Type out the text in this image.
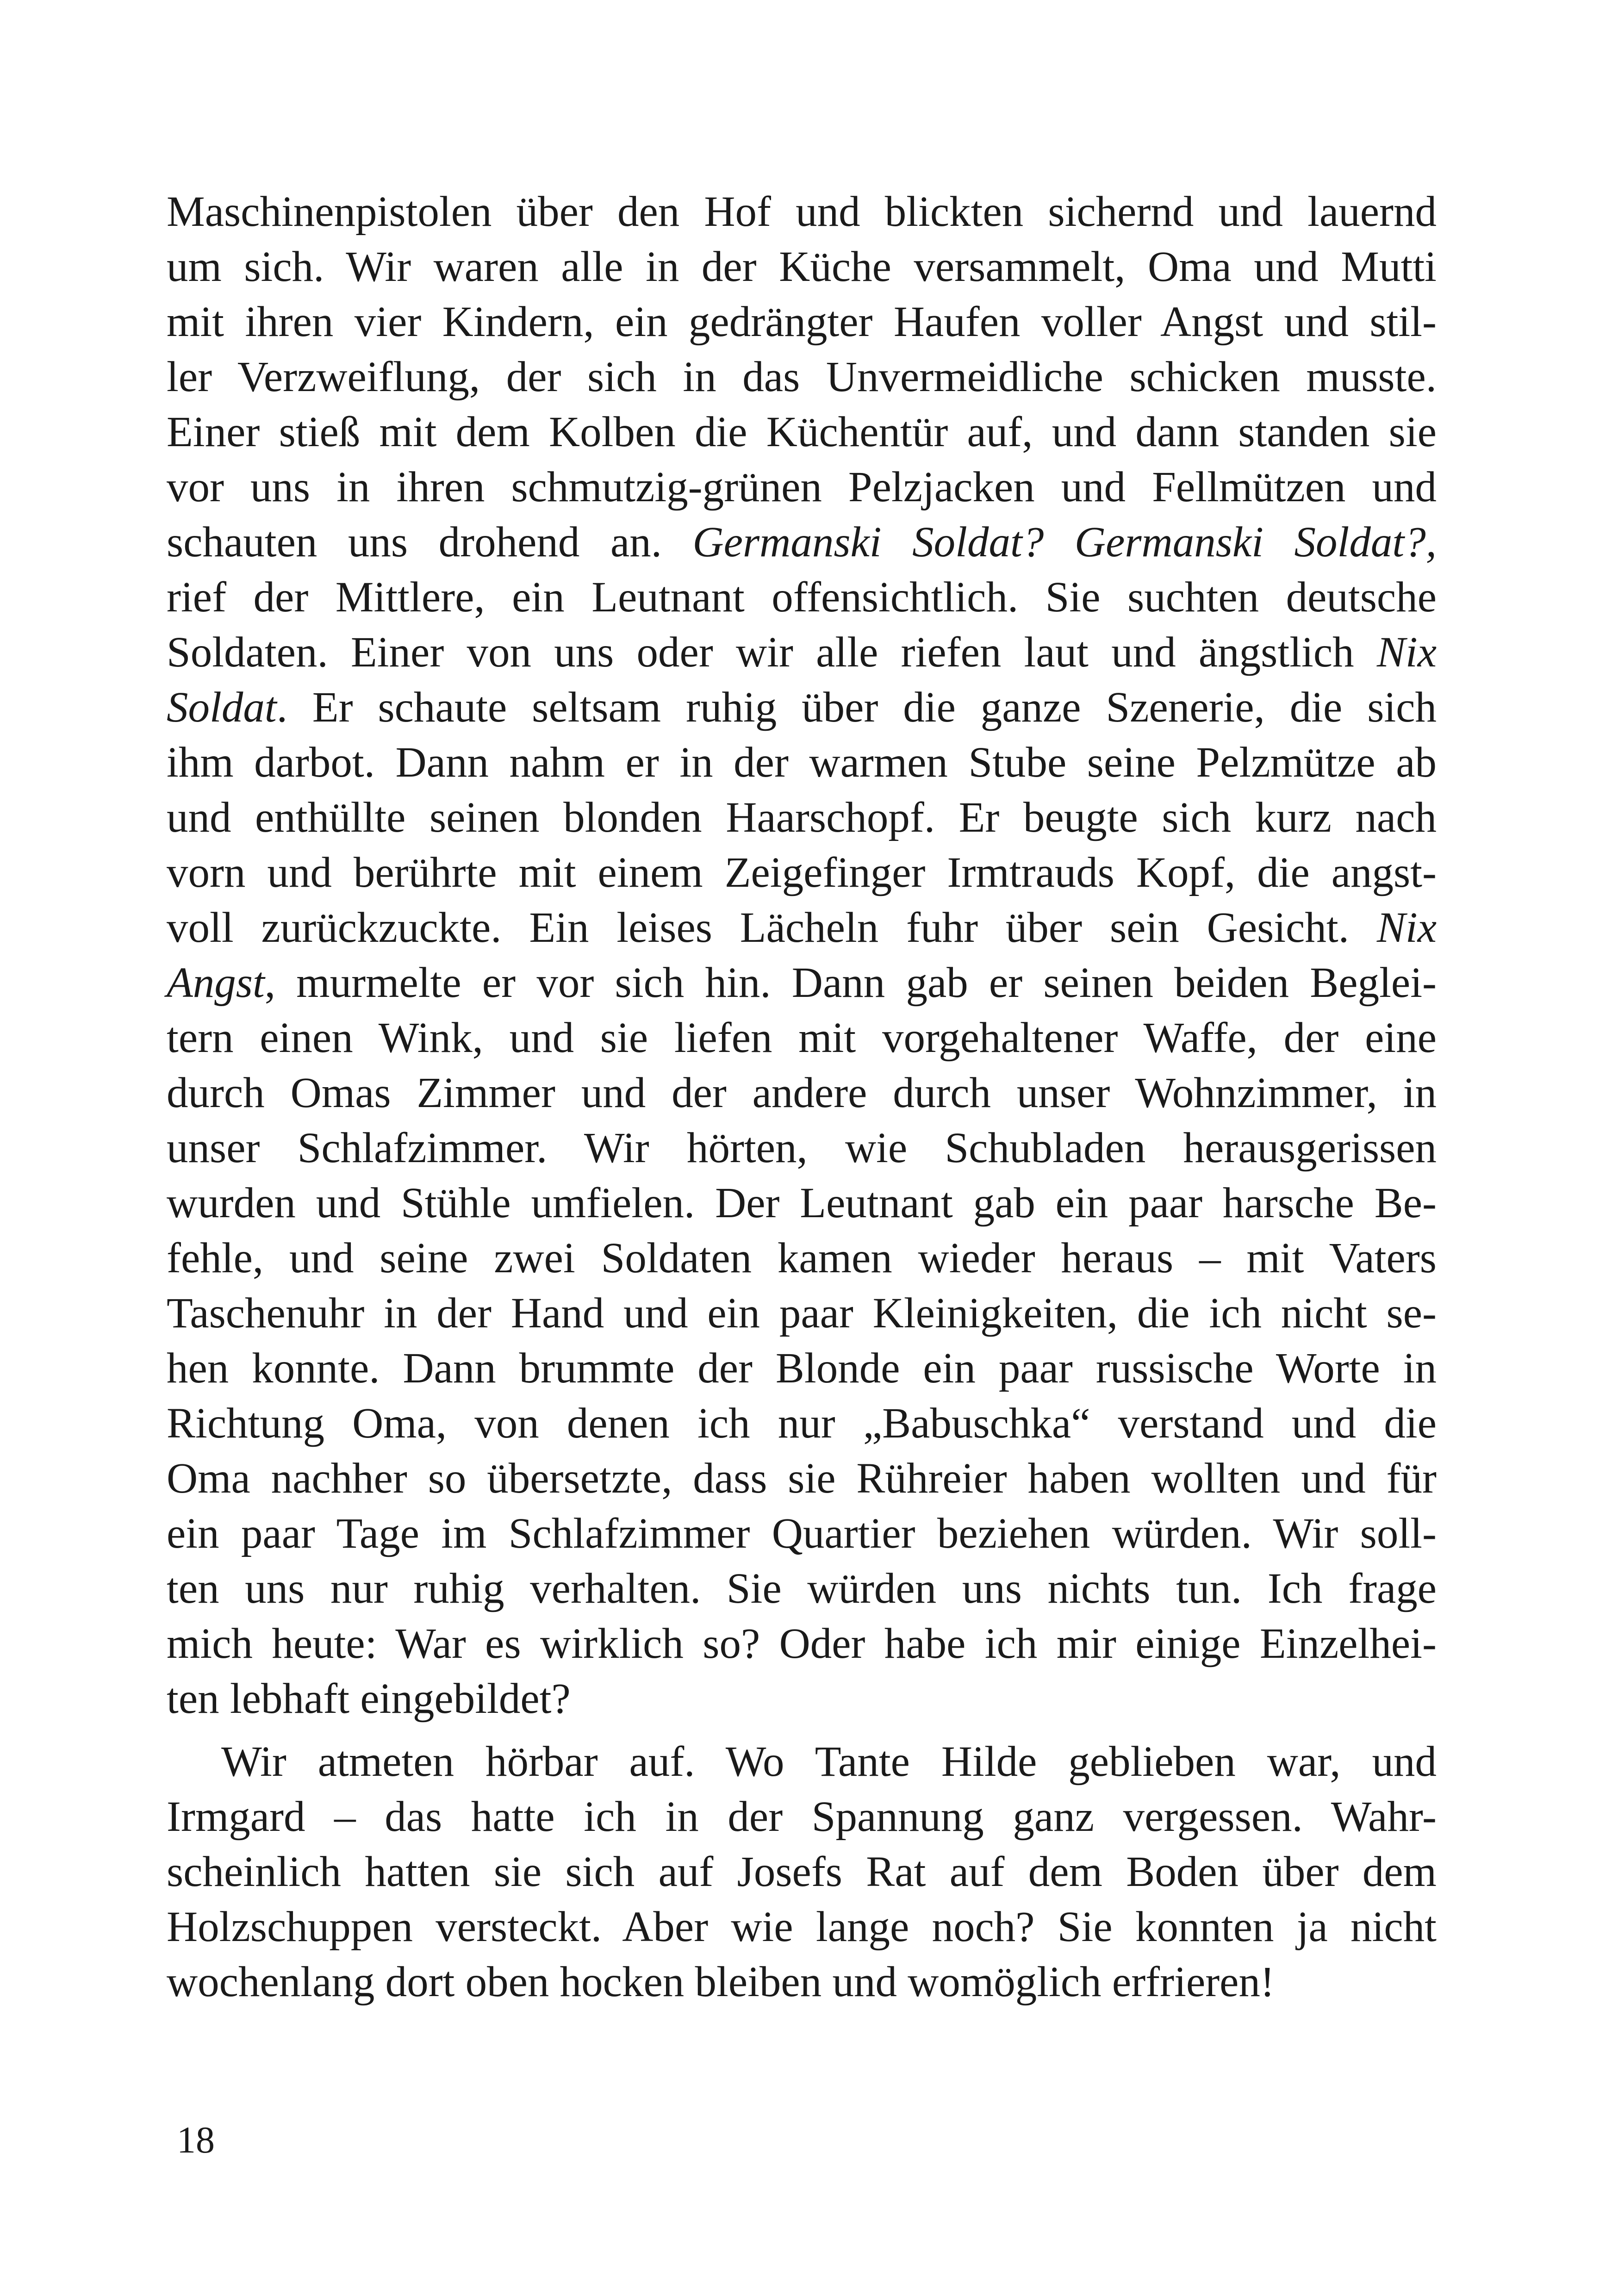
Maschinenpistolen über den Hof und blickten sichernd und lauernd
um sich. Wir waren alle in der Küche versammelt, Oma und Mutti
mit ihren vier Kindern, ein gedrängter Haufen voller Angst und stil-
ler Verzweiflung, der sich in das Unvermeidliche schicken musste.
Einer stieß mit dem Kolben die Küchentür auf, und dann standen sie
vor uns in ihren schmutzig-grünen Pelzjacken und Fellmützen und
schauten uns drohend an. Germanski Soldat? Germanski Soldat?,
rief der Mittlere, ein Leutnant offensichtlich. Sie suchten deutsche
Soldaten. Einer von uns oder wir alle riefen laut und ängstlich Nix
Soldat. Er schaute seltsam ruhig über die ganze Szenerie, die sich
ihm darbot. Dann nahm er in der warmen Stube seine Pelzmütze ab
und enthüllte seinen blonden Haarschopf. Er beugte sich kurz nach
vorn und berührte mit einem Zeigefinger Irmtrauds Kopf, die angst-
voll zurückzuckte. Ein leises Lächeln fuhr über sein Gesicht. Nix
Angst, murmelte er vor sich hin. Dann gab er seinen beiden Beglei-
tern einen Wink, und sie liefen mit vorgehaltener Waffe, der eine
durch Omas Zimmer und der andere durch unser Wohnzimmer, in
unser Schlafzimmer. Wir hörten, wie Schubladen herausgerissen
wurden und Stühle umfielen. Der Leutnant gab ein paar harsche Be-
fehle, und seine zwei Soldaten kamen wieder heraus – mit Vaters
Taschenuhr in der Hand und ein paar Kleinigkeiten, die ich nicht se-
hen konnte. Dann brummte der Blonde ein paar russische Worte in
Richtung Oma, von denen ich nur „Babuschka“ verstand und die
Oma nachher so übersetzte, dass sie Rühreier haben wollten und für
ein paar Tage im Schlafzimmer Quartier beziehen würden. Wir soll-
ten uns nur ruhig verhalten. Sie würden uns nichts tun. Ich frage
mich heute: War es wirklich so? Oder habe ich mir einige Einzelhei-
ten lebhaft eingebildet?
Wir atmeten hörbar auf. Wo Tante Hilde geblieben war, und
Irmgard – das hatte ich in der Spannung ganz vergessen. Wahr-
scheinlich hatten sie sich auf Josefs Rat auf dem Boden über dem
Holzschuppen versteckt. Aber wie lange noch? Sie konnten ja nicht
wochenlang dort oben hocken bleiben und womöglich erfrieren!
18
